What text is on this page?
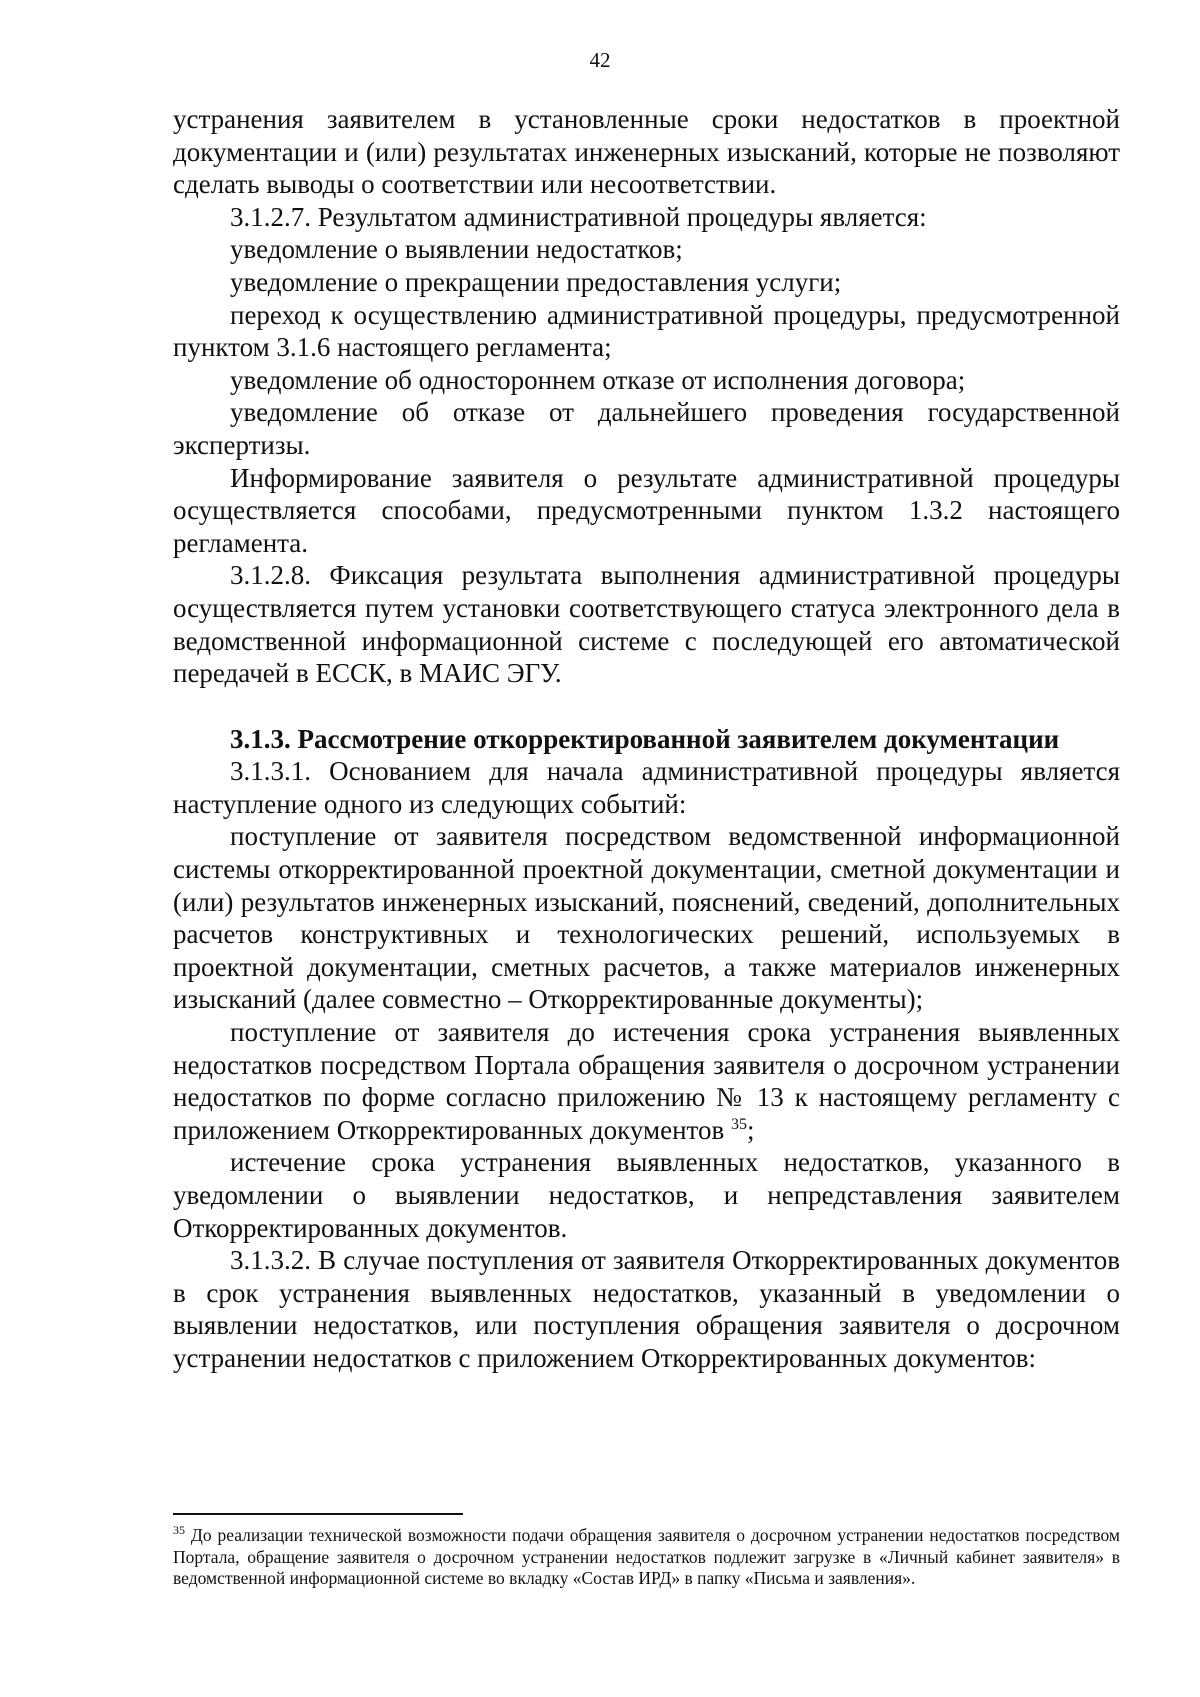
42

устранения заявителем в установленные сроки недостатков в проектной документации и (или) результатах инженерных изысканий, которые не позволяют сделать выводы о соответствии или несоответствии.

3.1.2.7. Результатом административной процедуры является:

уведомление о выявлении недостатков;

уведомление о прекращении предоставления услуги;

переход к осуществлению административной процедуры, предусмотренной пунктом 3.1.6 настоящего регламента;

уведомление об одностороннем отказе от исполнения договора;

уведомление об отказе от дальнейшего проведения государственной экспертизы.

Информирование заявителя о результате административной процедуры осуществляется способами, предусмотренными пунктом 1.3.2 настоящего регламента.

3.1.2.8. Фиксация результата выполнения административной процедуры осуществляется путем установки соответствующего статуса электронного дела в ведомственной информационной системе с последующей его автоматической передачей в ЕССК, в МАИС ЭГУ.

3.1.3. Рассмотрение откорректированной заявителем документации

3.1.3.1. Основанием для начала административной процедуры является наступление одного из следующих событий:

поступление от заявителя посредством ведомственной информационной системы откорректированной проектной документации, сметной документации и (или) результатов инженерных изысканий, пояснений, сведений, дополнительных расчетов конструктивных и технологических решений, используемых в проектной документации, сметных расчетов, а также материалов инженерных изысканий (далее совместно – Откорректированные документы);

поступление от заявителя до истечения срока устранения выявленных недостатков посредством Портала обращения заявителя о досрочном устранении недостатков по форме согласно приложению № 13 к настоящему регламенту с приложением Откорректированных документов $^{35}$;

истечение срока устранения выявленных недостатков, указанного в уведомлении о выявлении недостатков, и непредставления заявителем Откорректированных документов.

3.1.3.2. В случае поступления от заявителя Откорректированных документов в срок устранения выявленных недостатков, указанный в уведомлении о выявлении недостатков, или поступления обращения заявителя о досрочном устранении недостатков с приложением Откорректированных документов:

$^{35}$ До реализации технической возможности подачи обращения заявителя о досрочном устранении недостатков посредством Портала, обращение заявителя о досрочном устранении недостатков подлежит загрузке в «Личный кабинет заявителя» в ведомственной информационной системе во вкладку «Состав ИРД» в папку «Письма и заявления».
